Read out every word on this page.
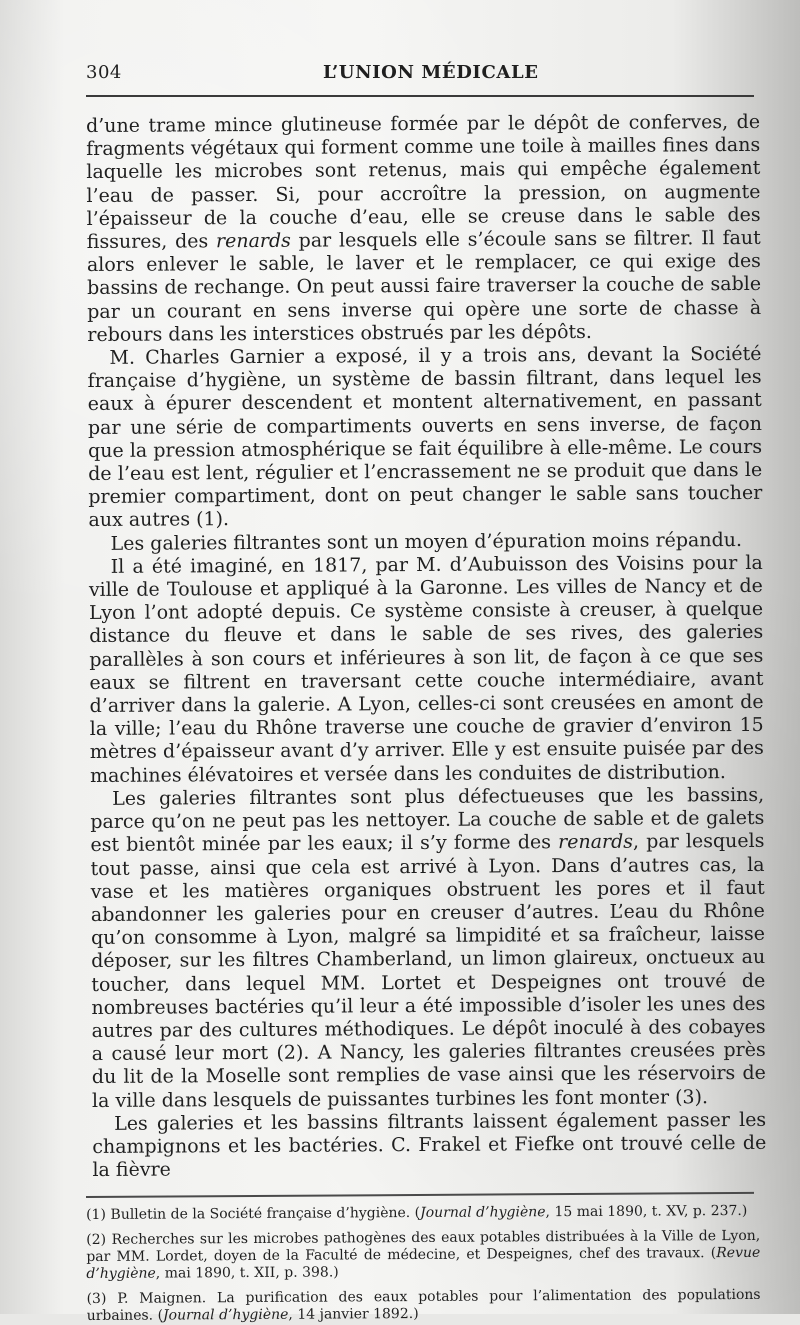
304	L’UNION MÉDICALE

d’une trame mince glutineuse formée par le dépôt de conferves, de fragments végétaux qui forment comme une toile à mailles fines dans laquelle les microbes sont retenus, mais qui empêche également l’eau de passer. Si, pour accroître la pression, on augmente l’épaisseur de la couche d’eau, elle se creuse dans le sable des fissures, des renards par lesquels elle s’écoule sans se filtrer. Il faut alors enlever le sable, le laver et le remplacer, ce qui exige des bassins de rechange. On peut aussi faire traverser la couche de sable par un courant en sens inverse qui opère une sorte de chasse à rebours dans les interstices obstrués par les dépôts.

M. Charles Garnier a exposé, il y a trois ans, devant la Société française d’hygiène, un système de bassin filtrant, dans lequel les eaux à épurer descendent et montent alternativement, en passant par une série de compartiments ouverts en sens inverse, de façon que la pression atmosphérique se fait équilibre à elle-même. Le cours de l’eau est lent, régulier et l’encrassement ne se produit que dans le premier compartiment, dont on peut changer le sable sans toucher aux autres (1).

Les galeries filtrantes sont un moyen d’épuration moins répandu.

Il a été imaginé, en 1817, par M. d’Aubuisson des Voisins pour la ville de Toulouse et appliqué à la Garonne. Les villes de Nancy et de Lyon l’ont adopté depuis. Ce système consiste à creuser, à quelque distance du fleuve et dans le sable de ses rives, des galeries parallèles à son cours et inférieures à son lit, de façon à ce que ses eaux se filtrent en traversant cette couche intermédiaire, avant d’arriver dans la galerie. A Lyon, celles-ci sont creusées en amont de la ville; l’eau du Rhône traverse une couche de gravier d’environ 15 mètres d’épaisseur avant d’y arriver. Elle y est ensuite puisée par des machines élévatoires et versée dans les conduites de distribution.

Les galeries filtrantes sont plus défectueuses que les bassins, parce qu’on ne peut pas les nettoyer. La couche de sable et de galets est bientôt minée par les eaux; il s’y forme des renards, par lesquels tout passe, ainsi que cela est arrivé à Lyon. Dans d’autres cas, la vase et les matières organiques obstruent les pores et il faut abandonner les galeries pour en creuser d’autres. L’eau du Rhône qu’on consomme à Lyon, malgré sa limpidité et sa fraîcheur, laisse déposer, sur les filtres Chamberland, un limon glaireux, onctueux au toucher, dans lequel MM. Lortet et Despeignes ont trouvé de nombreuses bactéries qu’il leur a été impossible d’isoler les unes des autres par des cultures méthodiques. Le dépôt inoculé à des cobayes a causé leur mort (2). A Nancy, les galeries filtrantes creusées près du lit de la Moselle sont remplies de vase ainsi que les réservoirs de la ville dans lesquels de puissantes turbines les font monter (3).

Les galeries et les bassins filtrants laissent également passer les champignons et les bactéries. C. Frakel et Fiefke ont trouvé celle de la fièvre

(1) Bulletin de la Société française d’hygiène. (Journal d’hygiène, 15 mai 1890, t. XV, p. 237.)

(2) Recherches sur les microbes pathogènes des eaux potables distribuées à la Ville de Lyon, par MM. Lordet, doyen de la Faculté de médecine, et Despeignes, chef des travaux. (Revue d’hygiène, mai 1890, t. XII, p. 398.)

(3) P. Maignen. La purification des eaux potables pour l’alimentation des populations urbaines. (Journal d’hygiène, 14 janvier 1892.)
